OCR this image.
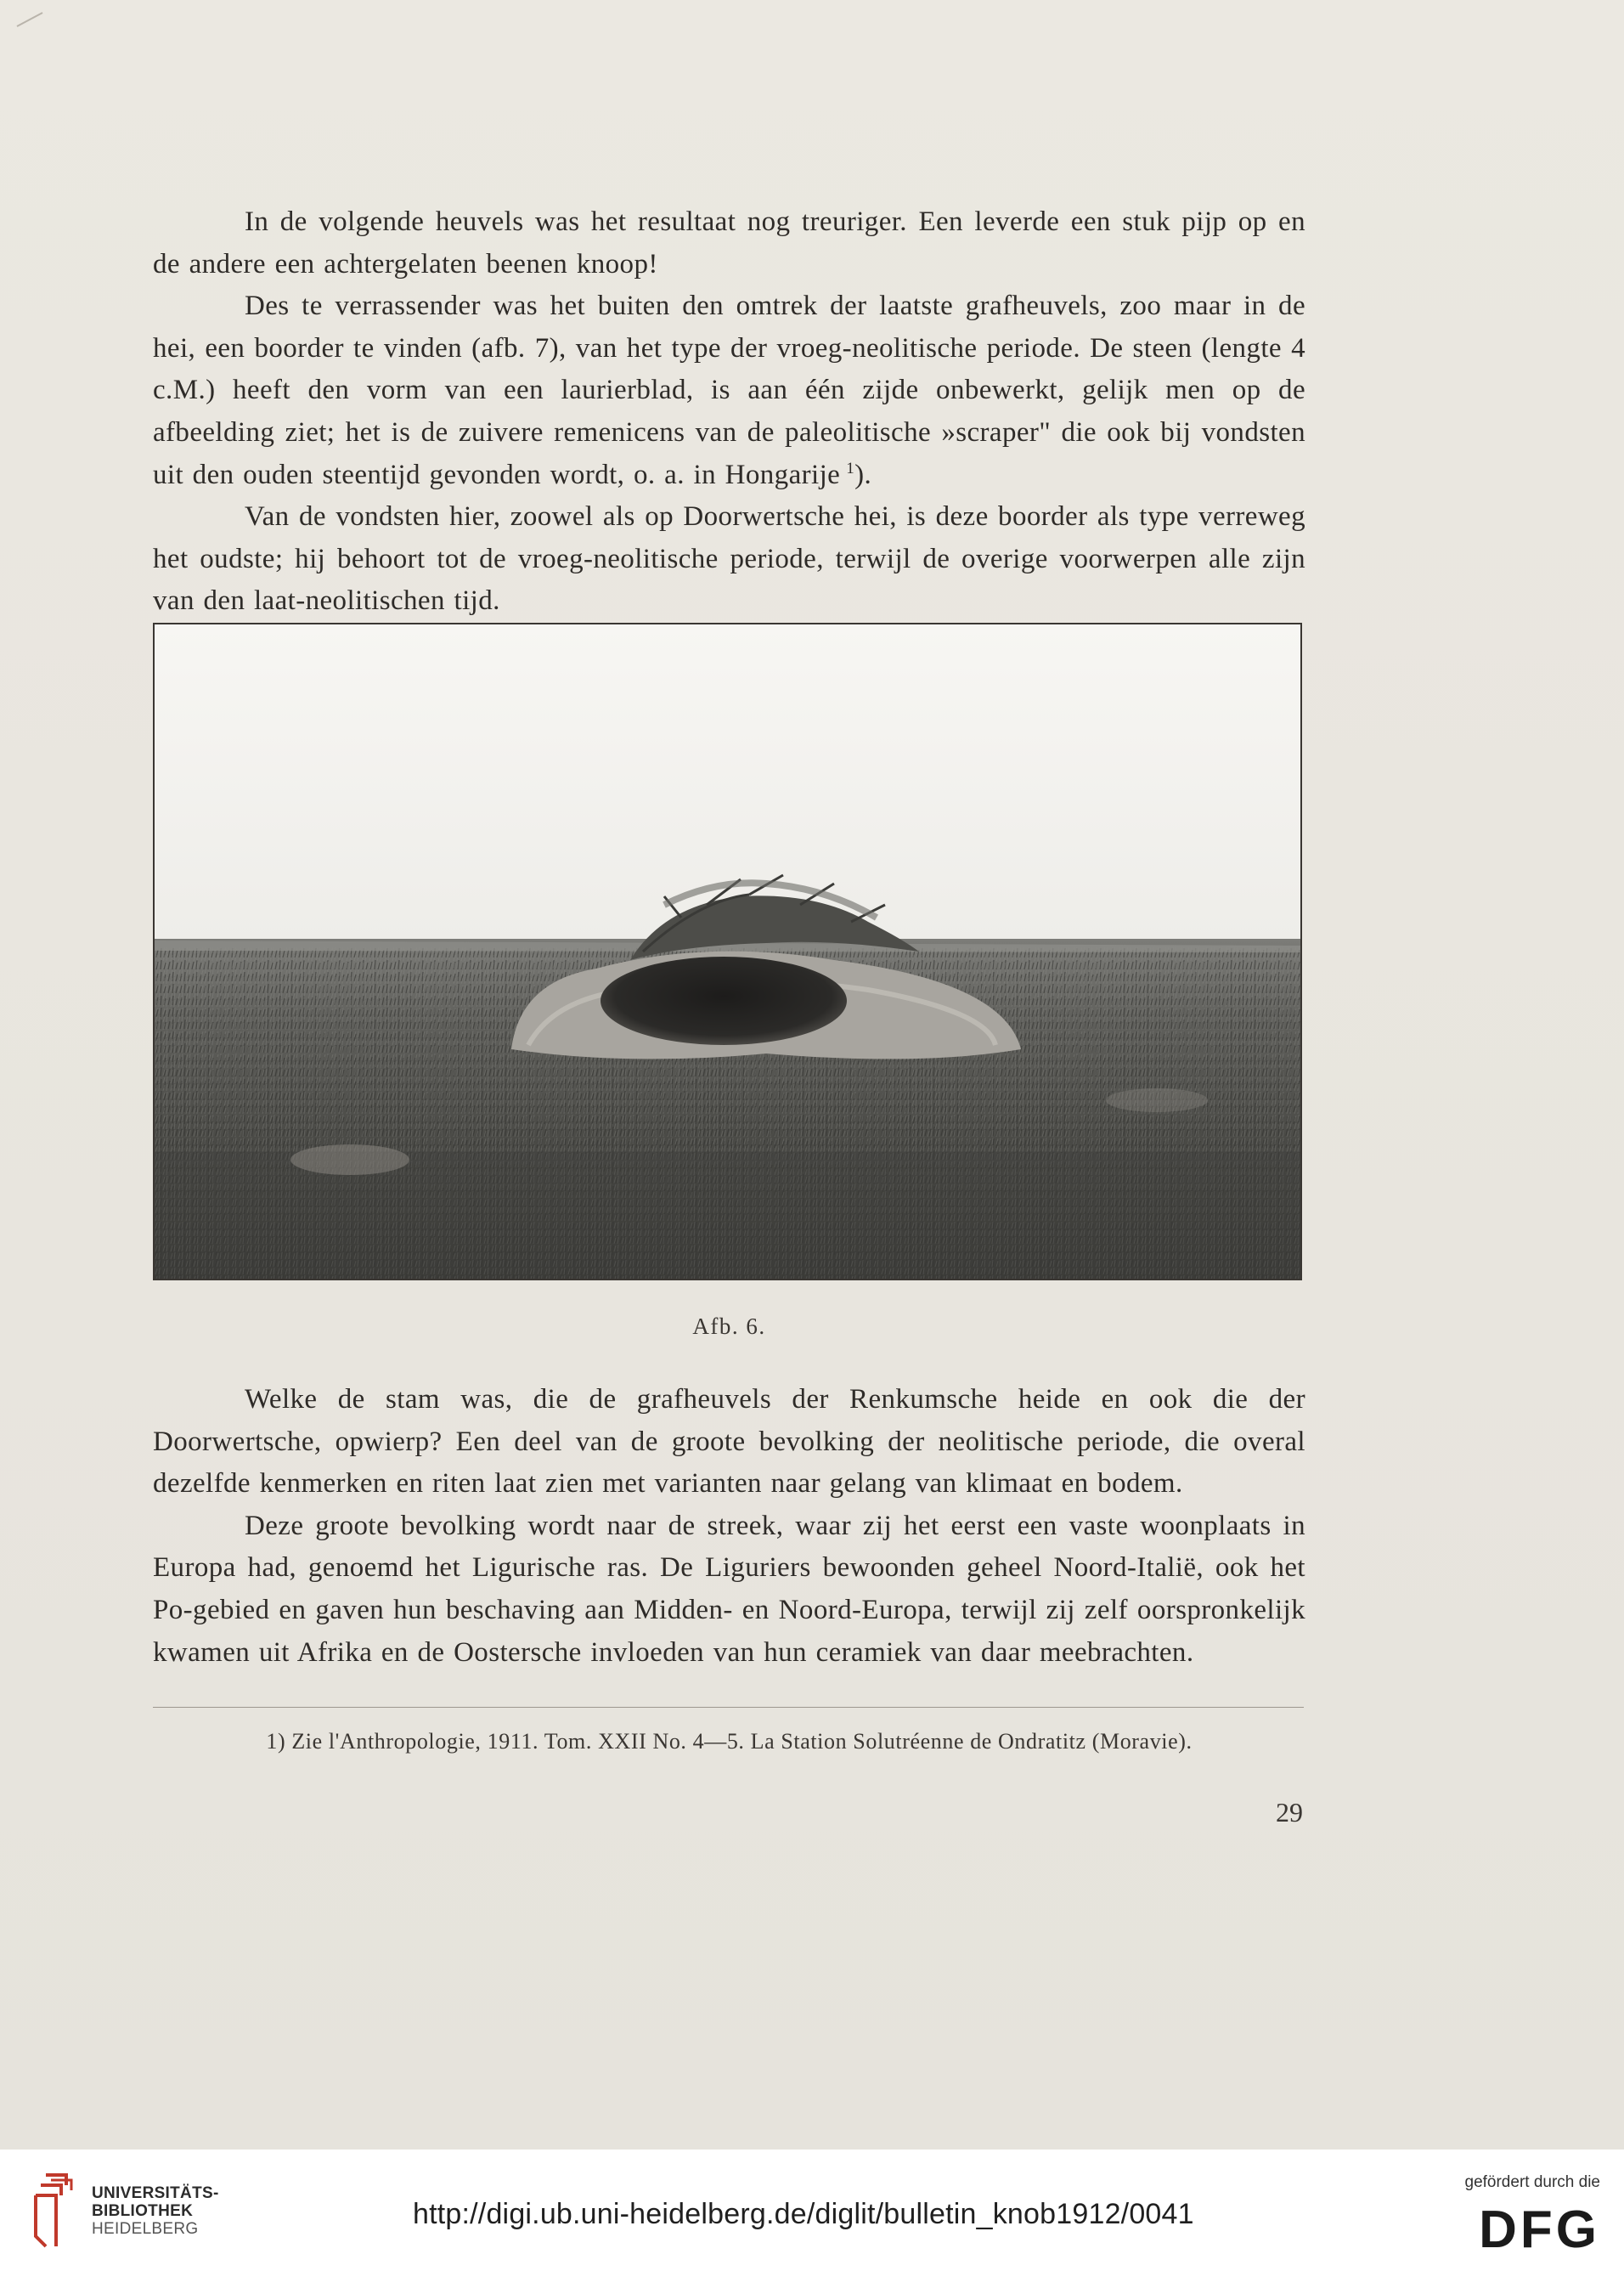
In de volgende heuvels was het resultaat nog treuriger. Een leverde een stuk pijp op en de andere een achtergelaten beenen knoop!

Des te verrassender was het buiten den omtrek der laatste grafheuvels, zoo maar in de hei, een boorder te vinden (afb. 7), van het type der vroeg-neolitische periode. De steen (lengte 4 c.M.) heeft den vorm van een laurierblad, is aan één zijde onbewerkt, gelijk men op de afbeelding ziet; het is de zuivere remenicens van de paleolitische »scraper" die ook bij vondsten uit den ouden steentijd gevonden wordt, o. a. in Hongarije  $^1$).

Van de vondsten hier, zoowel als op Doorwertsche hei, is deze boorder als type verreweg het oudste; hij behoort tot de vroeg-neolitische periode, terwijl de overige voorwerpen alle zijn van den laat-neolitischen tijd.

Afb. 6.

Welke de stam was, die de grafheuvels der Renkumsche heide en ook die der Doorwertsche, opwierp? Een deel van de groote bevolking der neolitische periode, die overal dezelfde kenmerken en riten laat zien met varianten naar gelang van klimaat en bodem.

Deze groote bevolking wordt naar de streek, waar zij het eerst een vaste woonplaats in Europa had, genoemd het Ligurische ras. De Liguriers bewoonden geheel Noord-Italië, ook het Po-gebied en gaven hun beschaving aan Midden- en Noord-Europa, terwijl zij zelf oorspronkelijk kwamen uit Afrika en de Oostersche invloeden van hun ceramiek van daar meebrachten.

1) Zie l'Anthropologie, 1911. Tom. XXII No. 4—5. La Station Solutréenne de Ondratitz (Moravie).
29
UNIVERSITÄTS-
BIBLIOTHEK
HEIDELBERG	http://digi.ub.uni-heidelberg.de/diglit/bulletin_knob1912/0041
gefördert durch die
DFG
